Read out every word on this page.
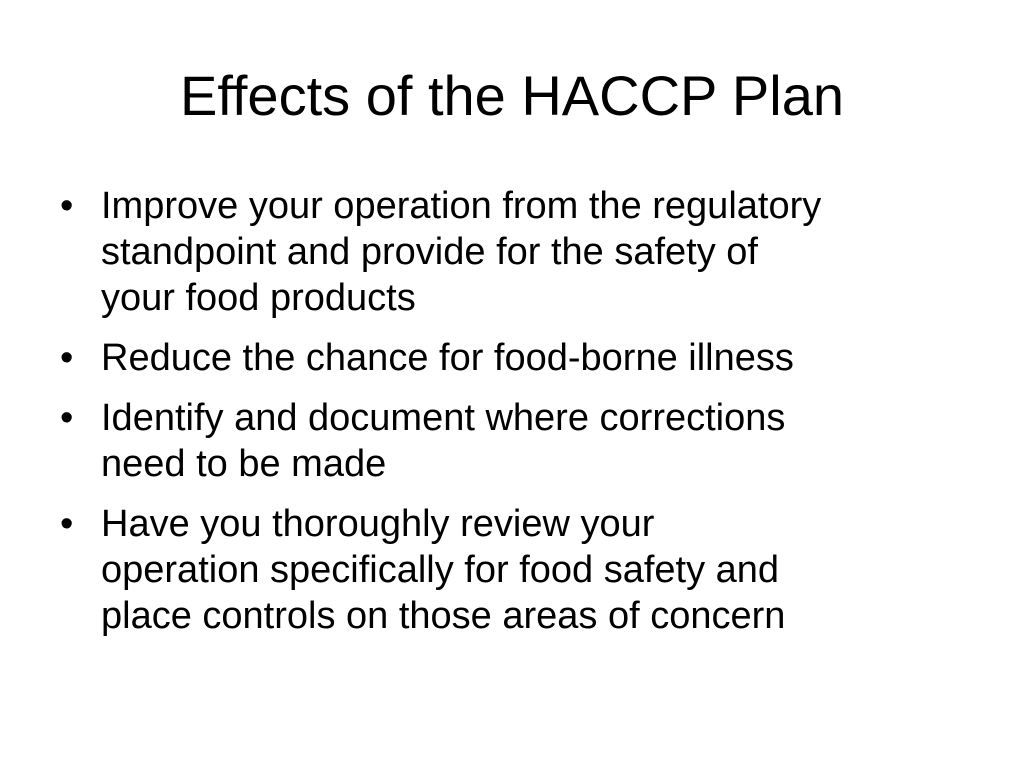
Effects of the HACCP Plan
• Improve your operation from the regulatory
standpoint and provide for the safety of
your food products
• Reduce the chance for food-borne illness
• Identify and document where corrections
need to be made
• Have you thoroughly review your
operation specifically for food safety and
place controls on those areas of concern
